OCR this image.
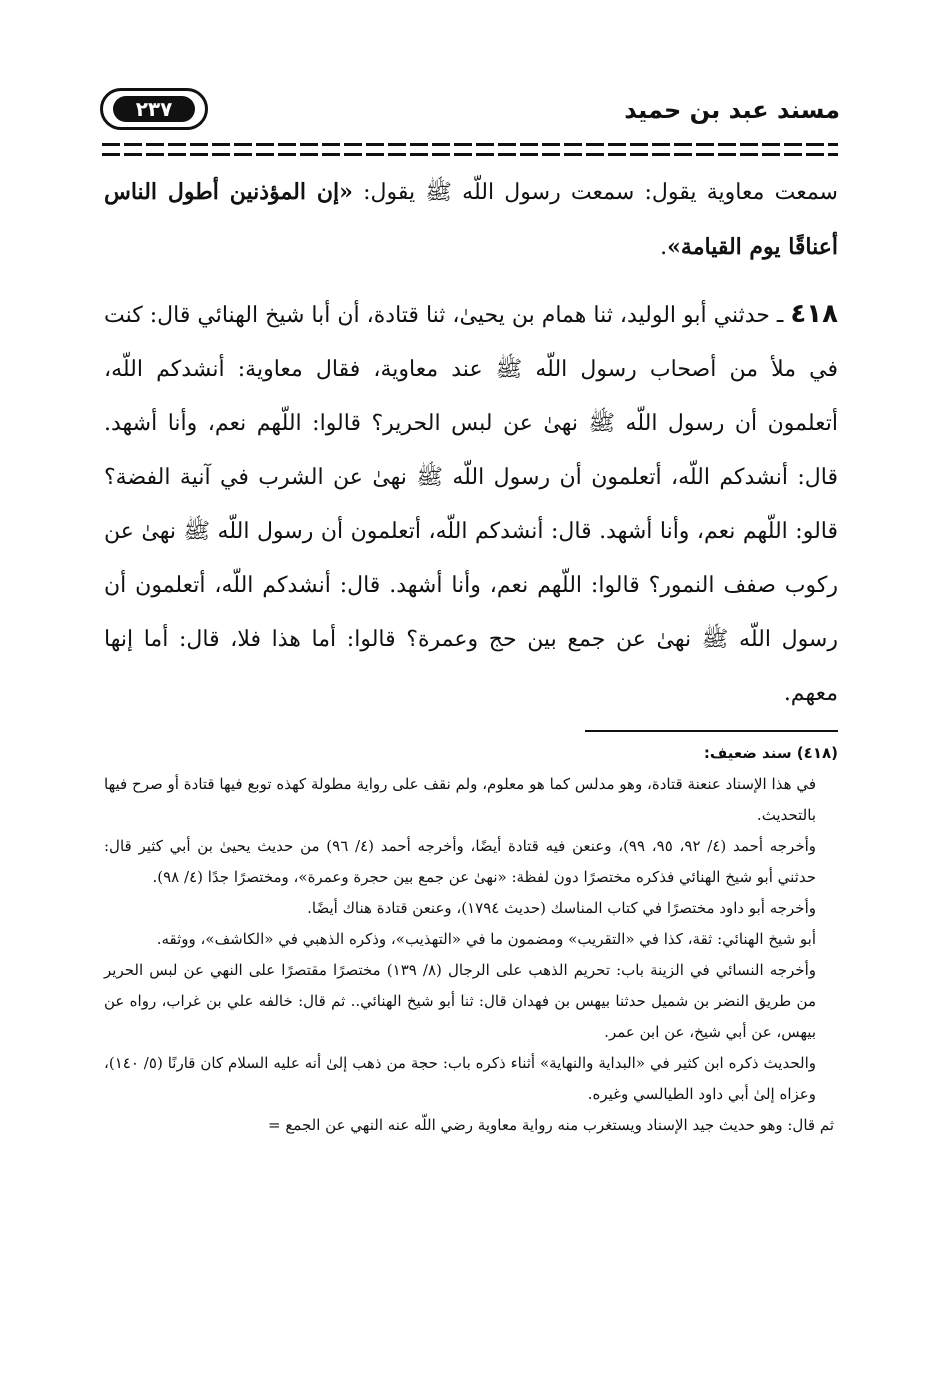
٢٣٧	مسند عبد بن حميد

سمعت معاوية يقول: سمعت رسول اللّه ﷺ يقول: «إن المؤذنين أطول الناس أعناقًا يوم القيامة».

٤١٨ ـ حدثني أبو الوليد، ثنا همام بن يحيىٰ، ثنا قتادة، أن أبا شيخ الهنائي قال: كنت في ملأ من أصحاب رسول اللّه ﷺ عند معاوية، فقال معاوية: أنشدكم اللّه، أتعلمون أن رسول اللّه ﷺ نهىٰ عن لبس الحرير؟ قالوا: اللّهم نعم، وأنا أشهد. قال: أنشدكم اللّه، أتعلمون أن رسول اللّه ﷺ نهىٰ عن الشرب في آنية الفضة؟ قالو: اللّهم نعم، وأنا أشهد. قال: أنشدكم اللّه، أتعلمون أن رسول اللّه ﷺ نهىٰ عن ركوب صفف النمور؟ قالوا: اللّهم نعم، وأنا أشهد. قال: أنشدكم اللّه، أتعلمون أن رسول اللّه ﷺ نهىٰ عن جمع بين حج وعمرة؟ قالوا: أما هذا فلا، قال: أما إنها معهم.

(٤١٨) سند ضعيف:

في هذا الإسناد عنعنة قتادة، وهو مدلس كما هو معلوم، ولم نقف على رواية مطولة كهذه توبع فيها قتادة أو صرح فيها بالتحديث.

وأخرجه أحمد (٤/ ٩٢، ٩٥، ٩٩)، وعنعن فيه قتادة أيضًا، وأخرجه أحمد (٤/ ٩٦) من حديث يحيىٰ بن أبي كثير قال: حدثني أبو شيخ الهنائي فذكره مختصرًا دون لفظة: «نهىٰ عن جمع بين حجرة وعمرة»، ومختصرًا جدًا (٤/ ٩٨).

وأخرجه أبو داود مختصرًا في كتاب المناسك (حديث ١٧٩٤)، وعنعن قتادة هناك أيضًا.

أبو شيخ الهنائي: ثقة، كذا في «التقريب» ومضمون ما في «التهذيب»، وذكره الذهبي في «الكاشف»، ووثقه.

وأخرجه النسائي في الزينة باب: تحريم الذهب على الرجال (٨/ ١٣٩) مختصرًا مقتصرًا على النهي عن لبس الحرير من طريق النضر بن شميل حدثنا بيهس بن فهدان قال: ثنا أبو شيخ الهنائي.. ثم قال: خالفه علي بن غراب، رواه عن بيهس، عن أبي شيخ، عن ابن عمر.

والحديث ذكره ابن كثير في «البداية والنهاية» أثناء ذكره باب: حجة من ذهب إلىٰ أنه عليه السلام كان قارنًا (٥/ ١٤٠)، وعزاه إلىٰ أبي داود الطيالسي وغيره.

ثم قال: وهو حديث جيد الإسناد ويستغرب منه رواية معاوية رضي اللّه عنه النهي عن الجمع =
